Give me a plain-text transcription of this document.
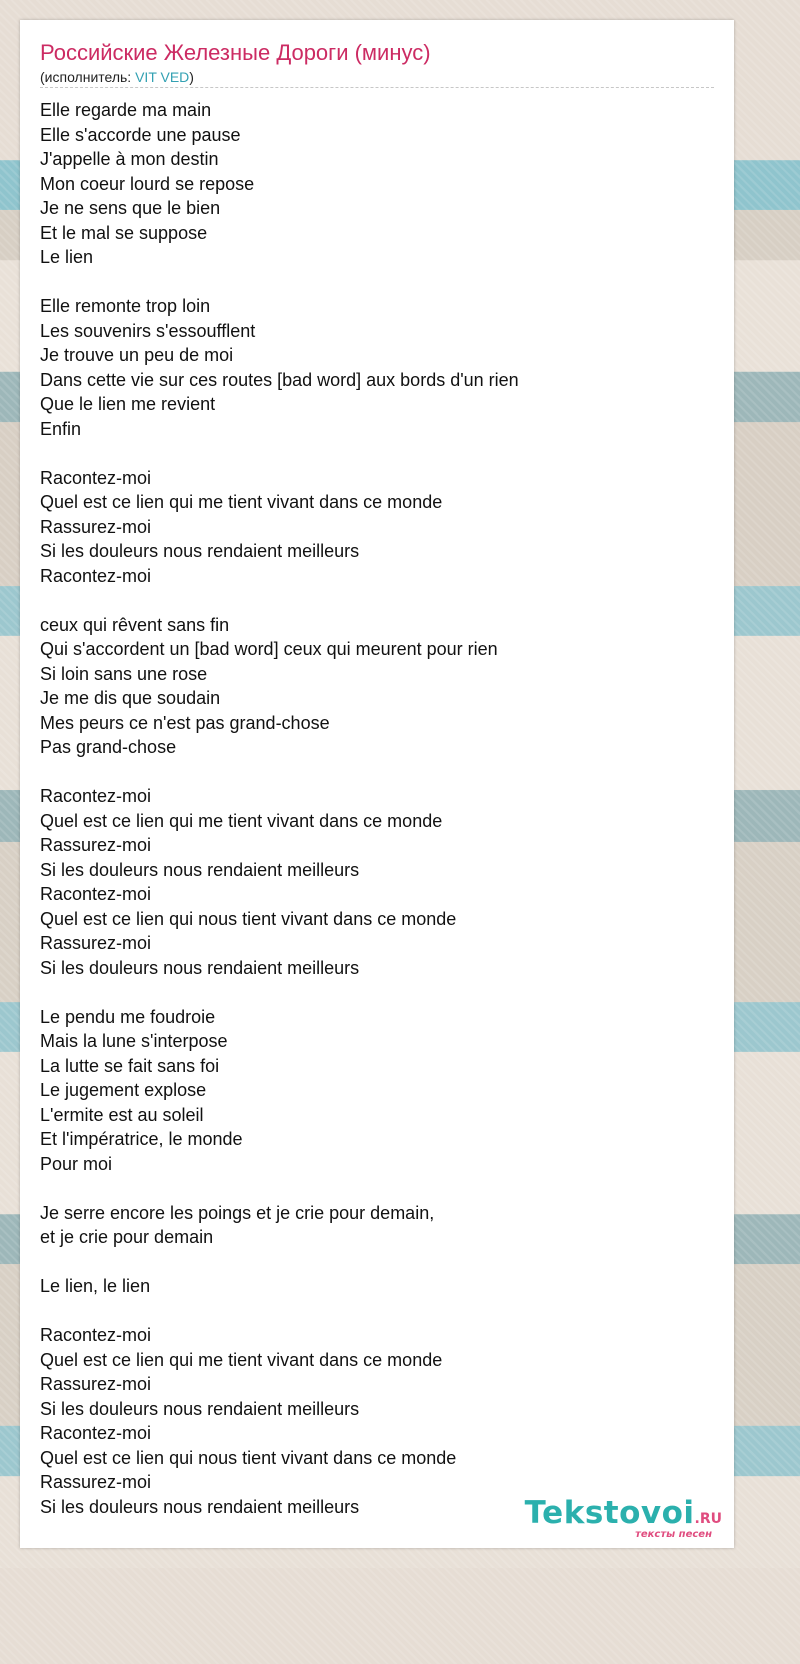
Российские Железные Дороги (минус)
(исполнитель: VIT VED)
Elle regarde ma main
Elle s'accorde une pause
J'appelle à mon destin
Mon coeur lourd se repose
Je ne sens que le bien
Et le mal se suppose
Le lien
Elle remonte trop loin
Les souvenirs s'essoufflent
Je trouve un peu de moi
Dans cette vie sur ces routes [bad word] aux bords d'un rien
Que le lien me revient
Enfin
Racontez-moi
Quel est ce lien qui me tient vivant dans ce monde
Rassurez-moi
Si les douleurs nous rendaient meilleurs
Racontez-moi
ceux qui rêvent sans fin
Qui s'accordent un [bad word] ceux qui meurent pour rien
Si loin sans une rose
Je me dis que soudain
Mes peurs ce n'est pas grand-chose
Pas grand-chose
Racontez-moi
Quel est ce lien qui me tient vivant dans ce monde
Rassurez-moi
Si les douleurs nous rendaient meilleurs
Racontez-moi
Quel est ce lien qui nous tient vivant dans ce monde
Rassurez-moi
Si les douleurs nous rendaient meilleurs
Le pendu me foudroie
Mais la lune s'interpose
La lutte se fait sans foi
Le jugement explose
L'ermite est au soleil
Et l'impératrice, le monde
Pour moi
Je serre encore les poings et je crie pour demain,
et je crie pour demain
Le lien, le lien
Racontez-moi
Quel est ce lien qui me tient vivant dans ce monde
Rassurez-moi
Si les douleurs nous rendaient meilleurs
Racontez-moi
Quel est ce lien qui nous tient vivant dans ce monde
Rassurez-moi
Si les douleurs nous rendaient meilleurs	Tekstovoi.RU
тексты песен
